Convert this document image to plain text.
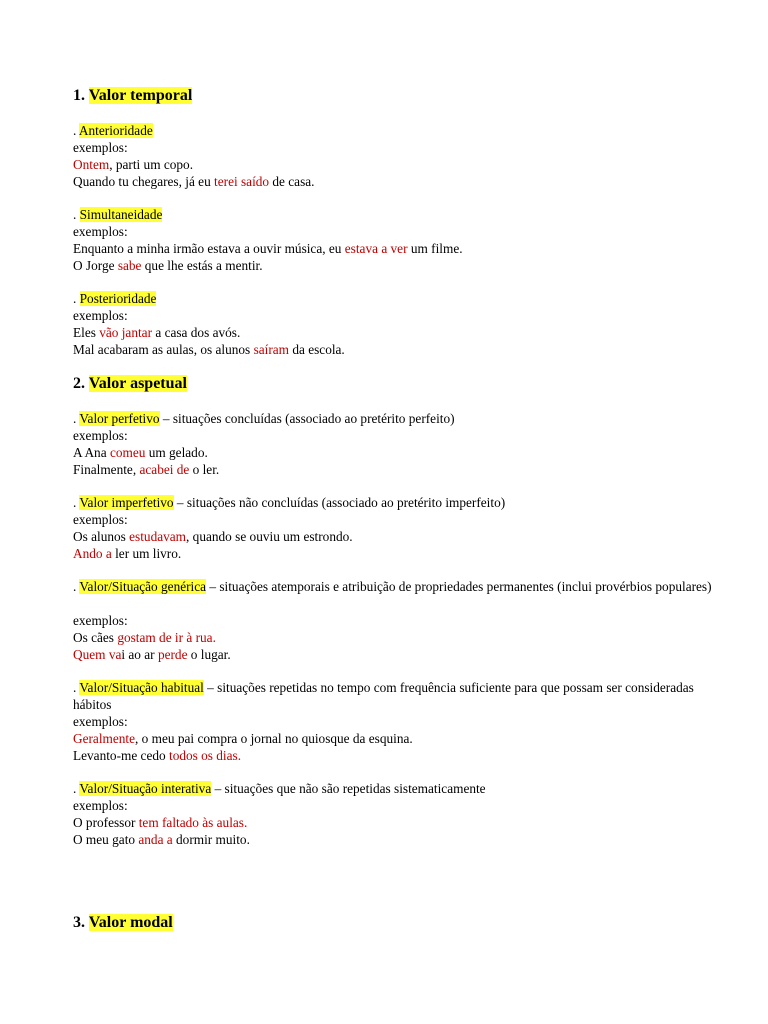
1. Valor temporal
. Anterioridade
exemplos:
Ontem, parti um copo.
Quando tu chegares, já eu terei saído de casa.
. Simultaneidade
exemplos:
Enquanto a minha irmão estava a ouvir música, eu estava a ver um filme.
O Jorge sabe que lhe estás a mentir.
. Posterioridade
exemplos:
Eles vão jantar a casa dos avós.
Mal acabaram as aulas, os alunos saíram da escola.
2. Valor aspetual
. Valor perfetivo – situações concluídas (associado ao pretérito perfeito)
exemplos:
A Ana comeu um gelado.
Finalmente, acabei de o ler.
. Valor imperfetivo – situações não concluídas (associado ao pretérito imperfeito)
exemplos:
Os alunos estudavam, quando se ouviu um estrondo.
Ando a ler um livro.
. Valor/Situação genérica – situações atemporais e atribuição de propriedades permanentes (inclui provérbios populares)
exemplos:
Os cães gostam de ir à rua.
Quem vai ao ar perde o lugar.
. Valor/Situação habitual – situações repetidas no tempo com frequência suficiente para que possam ser consideradas hábitos
exemplos:
Geralmente, o meu pai compra o jornal no quiosque da esquina.
Levanto-me cedo todos os dias.
. Valor/Situação interativa – situações que não são repetidas sistematicamente
exemplos:
O professor tem faltado às aulas.
O meu gato anda a dormir muito.
3. Valor modal
